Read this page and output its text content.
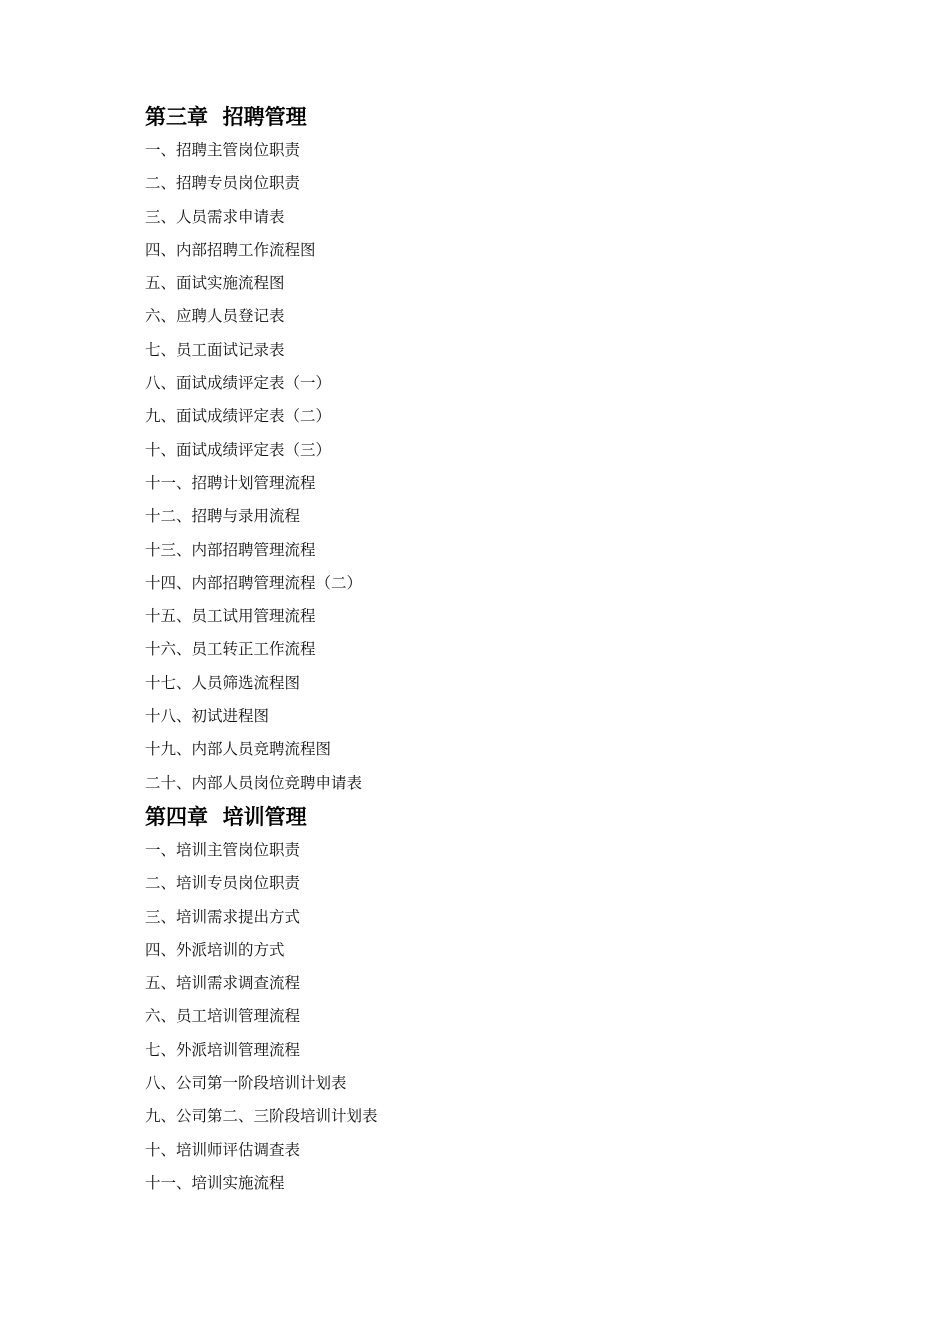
第三章  招聘管理
一、招聘主管岗位职责
二、招聘专员岗位职责
三、人员需求申请表
四、内部招聘工作流程图
五、面试实施流程图
六、应聘人员登记表
七、员工面试记录表
八、面试成绩评定表（一）
九、面试成绩评定表（二）
十、面试成绩评定表（三）
十一、招聘计划管理流程
十二、招聘与录用流程
十三、内部招聘管理流程
十四、内部招聘管理流程（二）
十五、员工试用管理流程
十六、员工转正工作流程
十七、人员筛选流程图
十八、初试进程图
十九、内部人员竞聘流程图
二十、内部人员岗位竞聘申请表
第四章  培训管理
一、培训主管岗位职责
二、培训专员岗位职责
三、培训需求提出方式
四、外派培训的方式
五、培训需求调查流程
六、员工培训管理流程
七、外派培训管理流程
八、公司第一阶段培训计划表
九、公司第二、三阶段培训计划表
十、培训师评估调查表
十一、培训实施流程
